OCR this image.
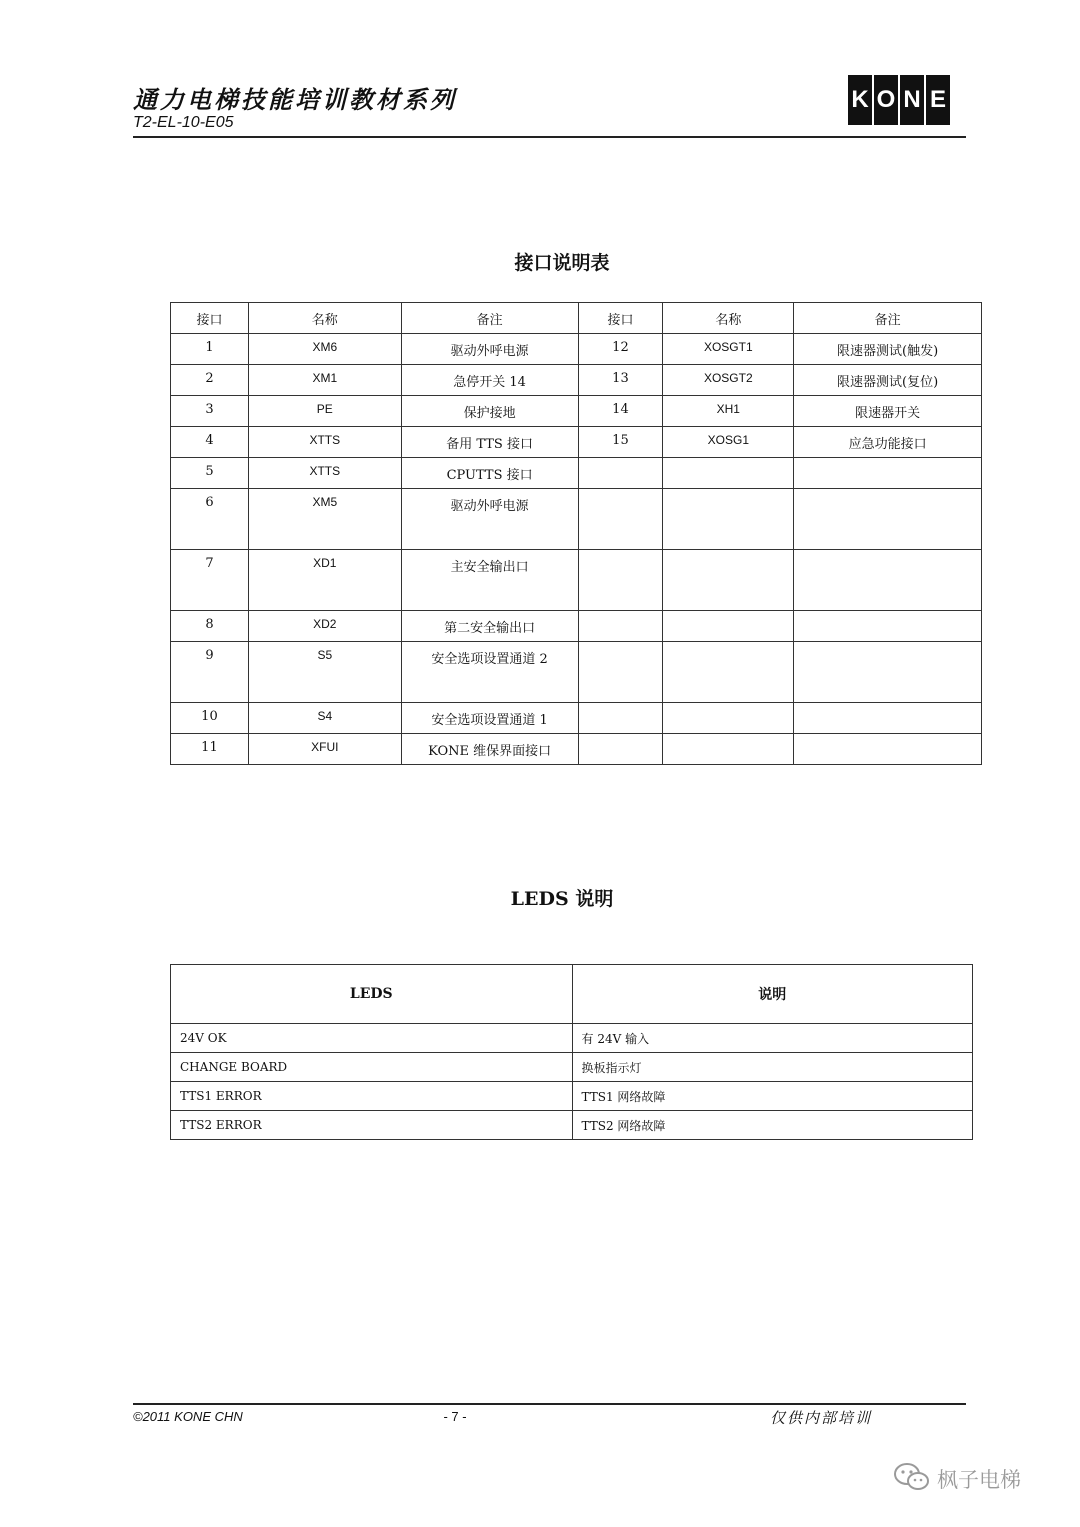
通力电梯技能培训教材系列
T2-EL-10-E05
K O N E
接口说明表
接口	名称	备注	接口	名称	备注
1	XM6	驱动外呼电源	12	XOSGT1	限速器测试(触发)
2	XM1	急停开关 14	13	XOSGT2	限速器测试(复位)
3	PE	保护接地	14	XH1	限速器开关
4	XTTS	备用 TTS 接口	15	XOSG1	应急功能接口
5	XTTS	CPUTTS 接口			
6	XM5	驱动外呼电源			
7	XD1	主安全输出口			
8	XD2	第二安全输出口			
9	S5	安全选项设置通道 2			
10	S4	安全选项设置通道 1			
11	XFUI	KONE 维保界面接口			
LEDS 说明
LEDS	说明
24V OK	有 24V 输入
CHANGE BOARD	换板指示灯
TTS1 ERROR	TTS1 网络故障
TTS2 ERROR	TTS2 网络故障
©2011 KONE CHN	- 7 -	仅供内部培训
枫子电梯
